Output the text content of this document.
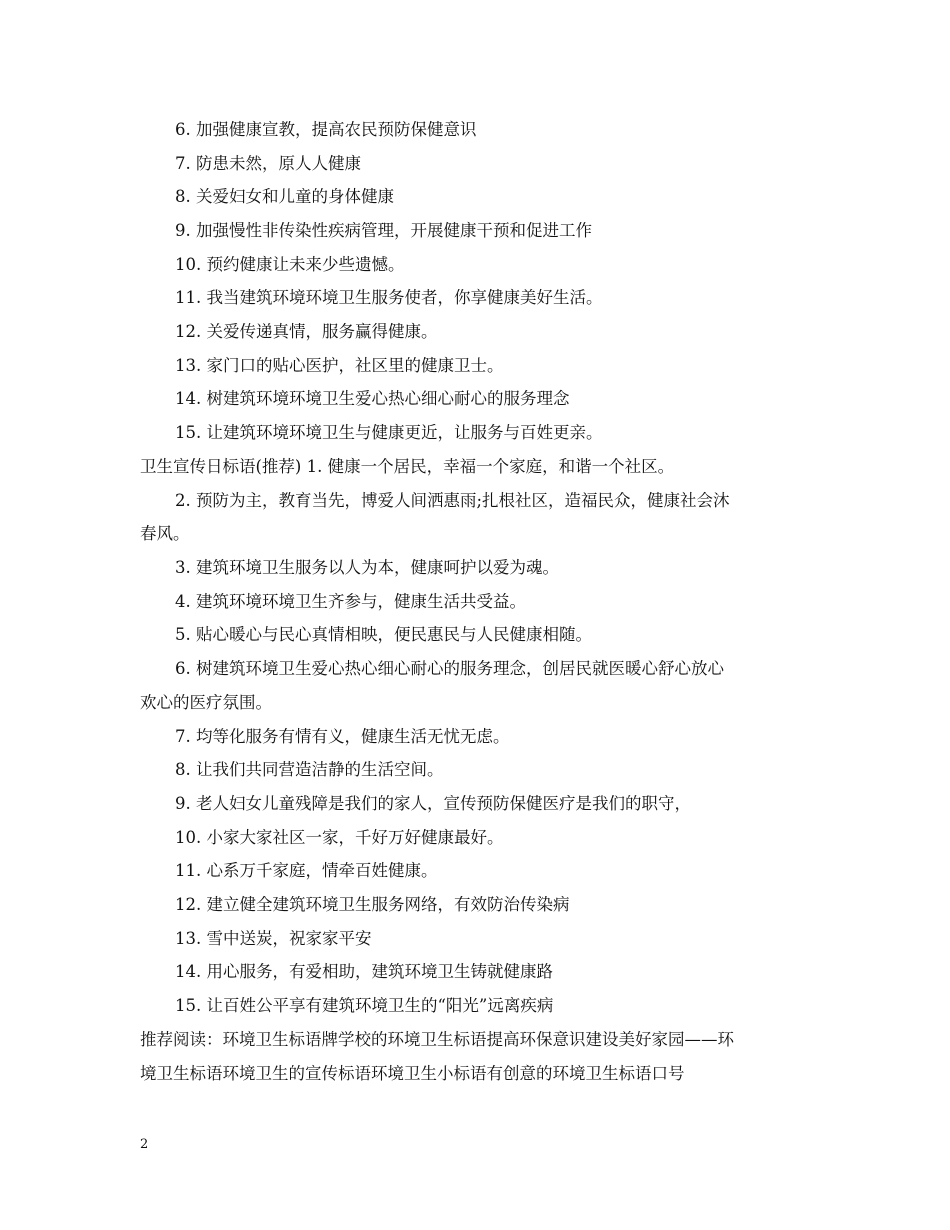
6. 加强健康宣教，提高农民预防保健意识
7. 防患未然，原人人健康
8. 关爱妇女和儿童的身体健康
9. 加强慢性非传染性疾病管理，开展健康干预和促进工作
10. 预约健康让未来少些遗憾。
11. 我当建筑环境环境卫生服务使者，你享健康美好生活。
12. 关爱传递真情，服务赢得健康。
13. 家门口的贴心医护，社区里的健康卫士。
14. 树建筑环境环境卫生爱心热心细心耐心的服务理念
15. 让建筑环境环境卫生与健康更近，让服务与百姓更亲。
卫生宣传日标语(推荐) 1. 健康一个居民，幸福一个家庭，和谐一个社区。
2. 预防为主，教育当先，博爱人间洒惠雨;扎根社区，造福民众，健康社会沐
春风。
3. 建筑环境卫生服务以人为本，健康呵护以爱为魂。
4. 建筑环境环境卫生齐参与，健康生活共受益。
5. 贴心暖心与民心真情相映，便民惠民与人民健康相随。
6. 树建筑环境卫生爱心热心细心耐心的服务理念，创居民就医暖心舒心放心
欢心的医疗氛围。
7. 均等化服务有情有义，健康生活无忧无虑。
8. 让我们共同营造洁静的生活空间。
9. 老人妇女儿童残障是我们的家人，宣传预防保健医疗是我们的职守，
10. 小家大家社区一家，千好万好健康最好。
11. 心系万千家庭，情牵百姓健康。
12. 建立健全建筑环境卫生服务网络，有效防治传染病
13. 雪中送炭，祝家家平安
14. 用心服务，有爱相助，建筑环境卫生铸就健康路
15. 让百姓公平享有建筑环境卫生的“阳光”远离疾病
推荐阅读：环境卫生标语牌学校的环境卫生标语提高环保意识建设美好家园——环
境卫生标语环境卫生的宣传标语环境卫生小标语有创意的环境卫生标语口号
2
